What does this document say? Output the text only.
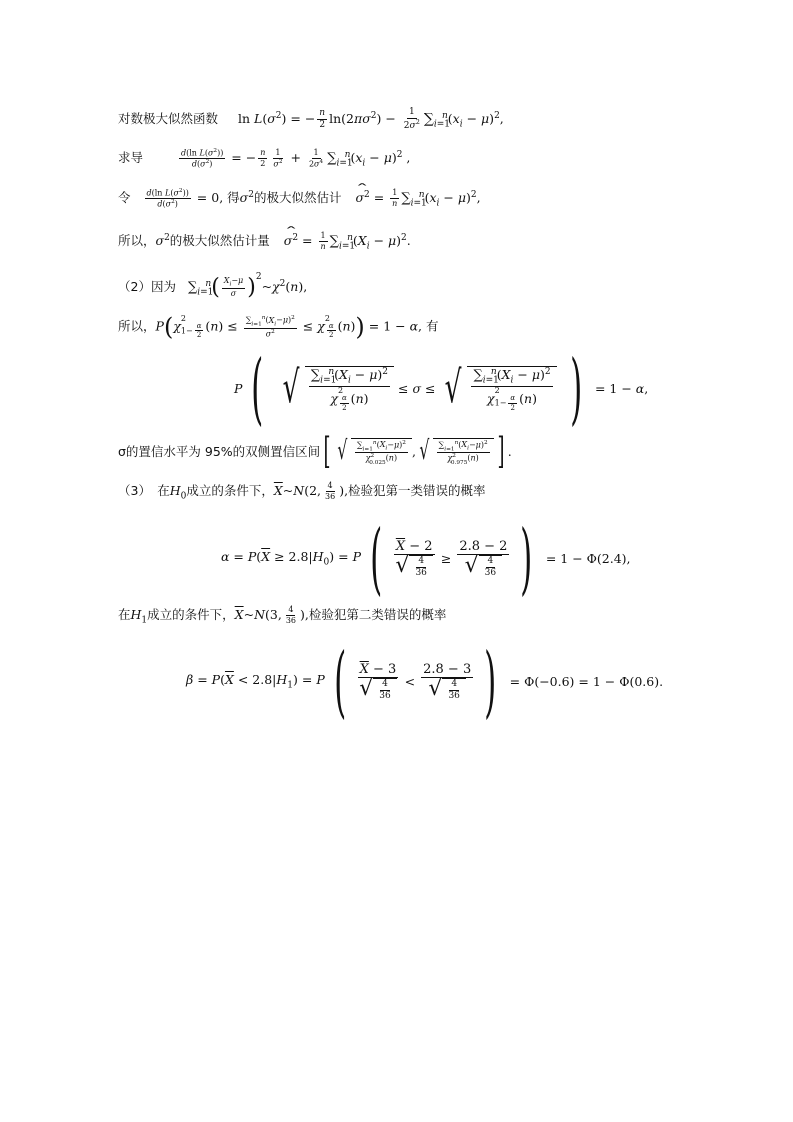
对数极大似然函数 $\ln L(\sigma^2)$ = − $\frac{n}{2} \ln(2\pi\sigma^2) - \frac{1}{2\sigma^2} \sum_{i=1}^n(x_i - \mu)^2$,
求导	$\frac{d(\ln L(\sigma^2))}{d(\sigma^2)}$ = − $\frac{n}{2} \frac{1}{\sigma^2} + \frac{1}{2\sigma^4} \sum_{i=1}^n(x_i - \mu)^2$ ,
令 $\frac{d(\ln L(\sigma^2))}{d(\sigma^2)} = 0$, 得$\sigma^2$的极大似然估计 ˆ $\sigma^2 = \frac{1}{n} \sum_{i=1}^n(x_i - \mu)^2$,
所以，$\sigma^2$的极大似然估计量 ˆ $\sigma^2 = \frac{1}{n} \sum_{i=1}^n(X_i - \mu)^2$.
（2）因为 $\sum_{i=1}^n( \frac{X_i-\mu}{\sigma}$ )$^2\sim\chi^2(n)$,
所以，P(χ
2
$1- \frac{\alpha}{2} (n) \le \frac{\sum_{i=1}^n(X_i-\mu)^2}{\sigma^2} \le \chi$
2
$\frac{\alpha}{2} (n)) = 1 - \alpha$, 有
P ( √ $\sum_{i=1}^n(X_i - \mu)^2$
χ
2
$\frac{\alpha}{2} (n) \le \sigma$ ≤ √ $\sum_{i=1}^n(X_i - \mu)^2$
χ
2
$1- \frac{\alpha}{2} (n)$ ) = 1 − α,
σ的置信水平为 95%的双侧置信区间[ √ $\frac{\sum_{i=1}^n(X_i-\mu)^2}{\chi^2_{0.025}(n)}$ , √ $\frac{\sum_{i=1}^n(X_i-\mu)^2}{\chi^2_{0.975}(n)}$ ] .
（3）　在$H_0$成立的条件下，$\overline{X}\sim N(2$, $\frac{4}{36}$ ),检验犯第一类错误的概率
$\alpha = P(\overline{X} \ge 2.8|H_0) = P$ ( $\frac{\overline{X} - 2}{√ \frac{4}{36}} \ge \frac{2.8 - 2}{√ \frac{4}{36}}$ ) = 1 − Φ(2.4),
在$H_1$成立的条件下，$\overline{X}\sim N(3$, $\frac{4}{36}$ ),检验犯第二类错误的概率
$\beta = P(\overline{X} < 2.8|H_1) = P$ ( $\frac{\overline{X} - 3}{√ \frac{4}{36}} < \frac{2.8 - 3}{√ \frac{4}{36}}$ ) = Φ(−0.6) = 1 − Φ(0.6).
